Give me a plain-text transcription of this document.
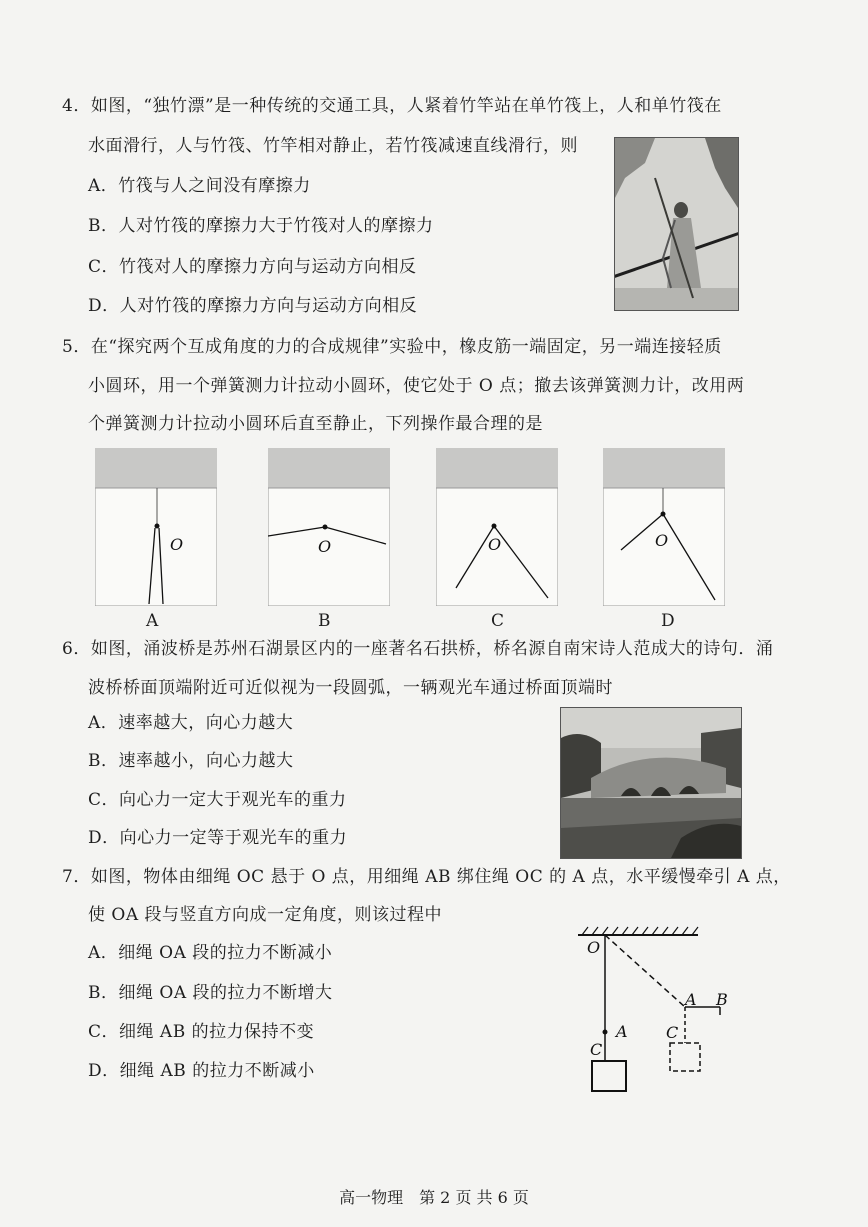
4．如图，“独竹漂”是一种传统的交通工具，人紧着竹竿站在单竹筏上，人和单竹筏在
水面滑行，人与竹筏、竹竿相对静止，若竹筏减速直线滑行，则
A．竹筏与人之间没有摩擦力
B．人对竹筏的摩擦力大于竹筏对人的摩擦力
C．竹筏对人的摩擦力方向与运动方向相反
D．人对竹筏的摩擦力方向与运动方向相反
5．在“探究两个互成角度的力的合成规律”实验中，橡皮筋一端固定，另一端连接轻质
小圆环，用一个弹簧测力计拉动小圆环，使它处于 O 点；撤去该弹簧测力计，改用两
个弹簧测力计拉动小圆环后直至静止，下列操作最合理的是
O	O	O	O
A	B	C	D
6．如图，涌波桥是苏州石湖景区内的一座著名石拱桥，桥名源自南宋诗人范成大的诗句．涌
波桥桥面顶端附近可近似视为一段圆弧，一辆观光车通过桥面顶端时
A．速率越大，向心力越大
B．速率越小，向心力越大
C．向心力一定大于观光车的重力
D．向心力一定等于观光车的重力
7．如图，物体由细绳 OC 悬于 O 点，用细绳 AB 绑住绳 OC 的 A 点，水平缓慢牵引 A 点，
使 OA 段与竖直方向成一定角度，则该过程中
A．细绳 OA 段的拉力不断减小
B．细绳 OA 段的拉力不断增大
C．细绳 AB 的拉力保持不变
D．细绳 AB 的拉力不断减小
O
A
C
A B
C
高一物理　第 2 页 共 6 页
